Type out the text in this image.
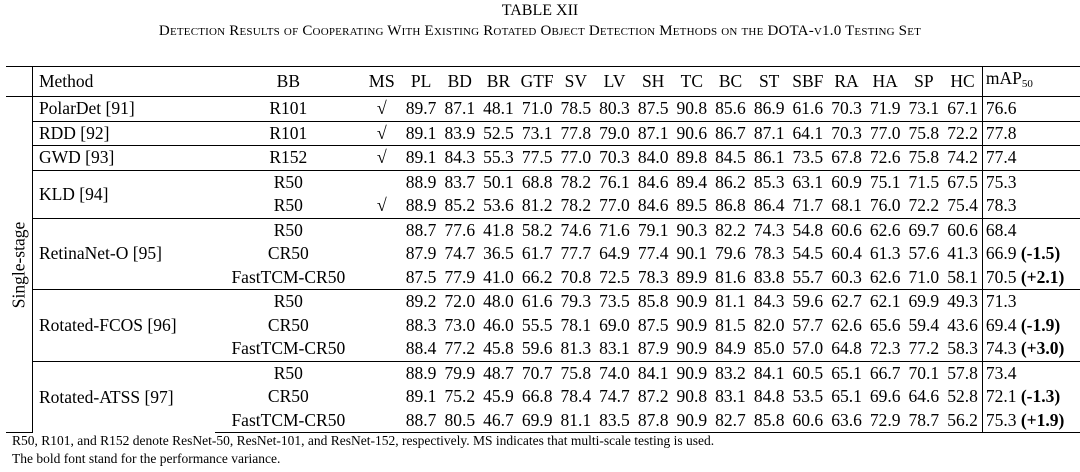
TABLE XII
Detection Results of Cooperating With Existing Rotated Object Detection Methods on the DOTA-v1.0 Testing Set
	Method	BB	MS	PL	BD	BR	GTF	SV	LV	SH	TC	BC	ST	SBF	RA	HA	SP	HC	mAP$_{50}$

Single-stage	PolarDet [91]	R101	√	89.7	87.1	48.1	71.0	78.5	80.3	87.5	90.8	85.6	86.9	61.6	70.3	71.9	73.1	67.1	76.6
	RDD [92]	R101	√	89.1	83.9	52.5	73.1	77.8	79.0	87.1	90.6	86.7	87.1	64.1	70.3	77.0	75.8	72.2	77.8
	GWD [93]	R152	√	89.1	84.3	55.3	77.5	77.0	70.3	84.0	89.8	84.5	86.1	73.5	67.8	72.6	75.8	74.2	77.4
	KLD [94]	R50		88.9	83.7	50.1	68.8	78.2	76.1	84.6	89.4	86.2	85.3	63.1	60.9	75.1	71.5	67.5	75.3
		R50	√	88.9	85.2	53.6	81.2	78.2	77.0	84.6	89.5	86.8	86.4	71.7	68.1	76.0	72.2	75.4	78.3
	RetinaNet-O [95]	R50		88.7	77.6	41.8	58.2	74.6	71.6	79.1	90.3	82.2	74.3	54.8	60.6	62.6	69.7	60.6	68.4
		CR50		87.9	74.7	36.5	61.7	77.7	64.9	77.4	90.1	79.6	78.3	54.5	60.4	61.3	57.6	41.3	66.9 (-1.5)
		FastTCM-CR50		87.5	77.9	41.0	66.2	70.8	72.5	78.3	89.9	81.6	83.8	55.7	60.3	62.6	71.0	58.1	70.5 (+2.1)
	Rotated-FCOS [96]	R50		89.2	72.0	48.0	61.6	79.3	73.5	85.8	90.9	81.1	84.3	59.6	62.7	62.1	69.9	49.3	71.3
		CR50		88.3	73.0	46.0	55.5	78.1	69.0	87.5	90.9	81.5	82.0	57.7	62.6	65.6	59.4	43.6	69.4 (-1.9)
		FastTCM-CR50		88.4	77.2	45.8	59.6	81.3	83.1	87.9	90.9	84.9	85.0	57.0	64.8	72.3	77.2	58.3	74.3 (+3.0)
	Rotated-ATSS [97]	R50		88.9	79.9	48.7	70.7	75.8	74.0	84.1	90.9	83.2	84.1	60.5	65.1	66.7	70.1	57.8	73.4
		CR50		89.1	75.2	45.9	66.8	78.4	74.7	87.2	90.8	83.1	84.8	53.5	65.1	69.6	64.6	52.8	72.1 (-1.3)
		FastTCM-CR50		88.7	80.5	46.7	69.9	81.1	83.5	87.8	90.9	82.7	85.8	60.6	63.6	72.9	78.7	56.2	75.3 (+1.9)
R50, R101, and R152 denote ResNet-50, ResNet-101, and ResNet-152, respectively. MS indicates that multi-scale testing is used.
The bold font stand for the performance variance.
